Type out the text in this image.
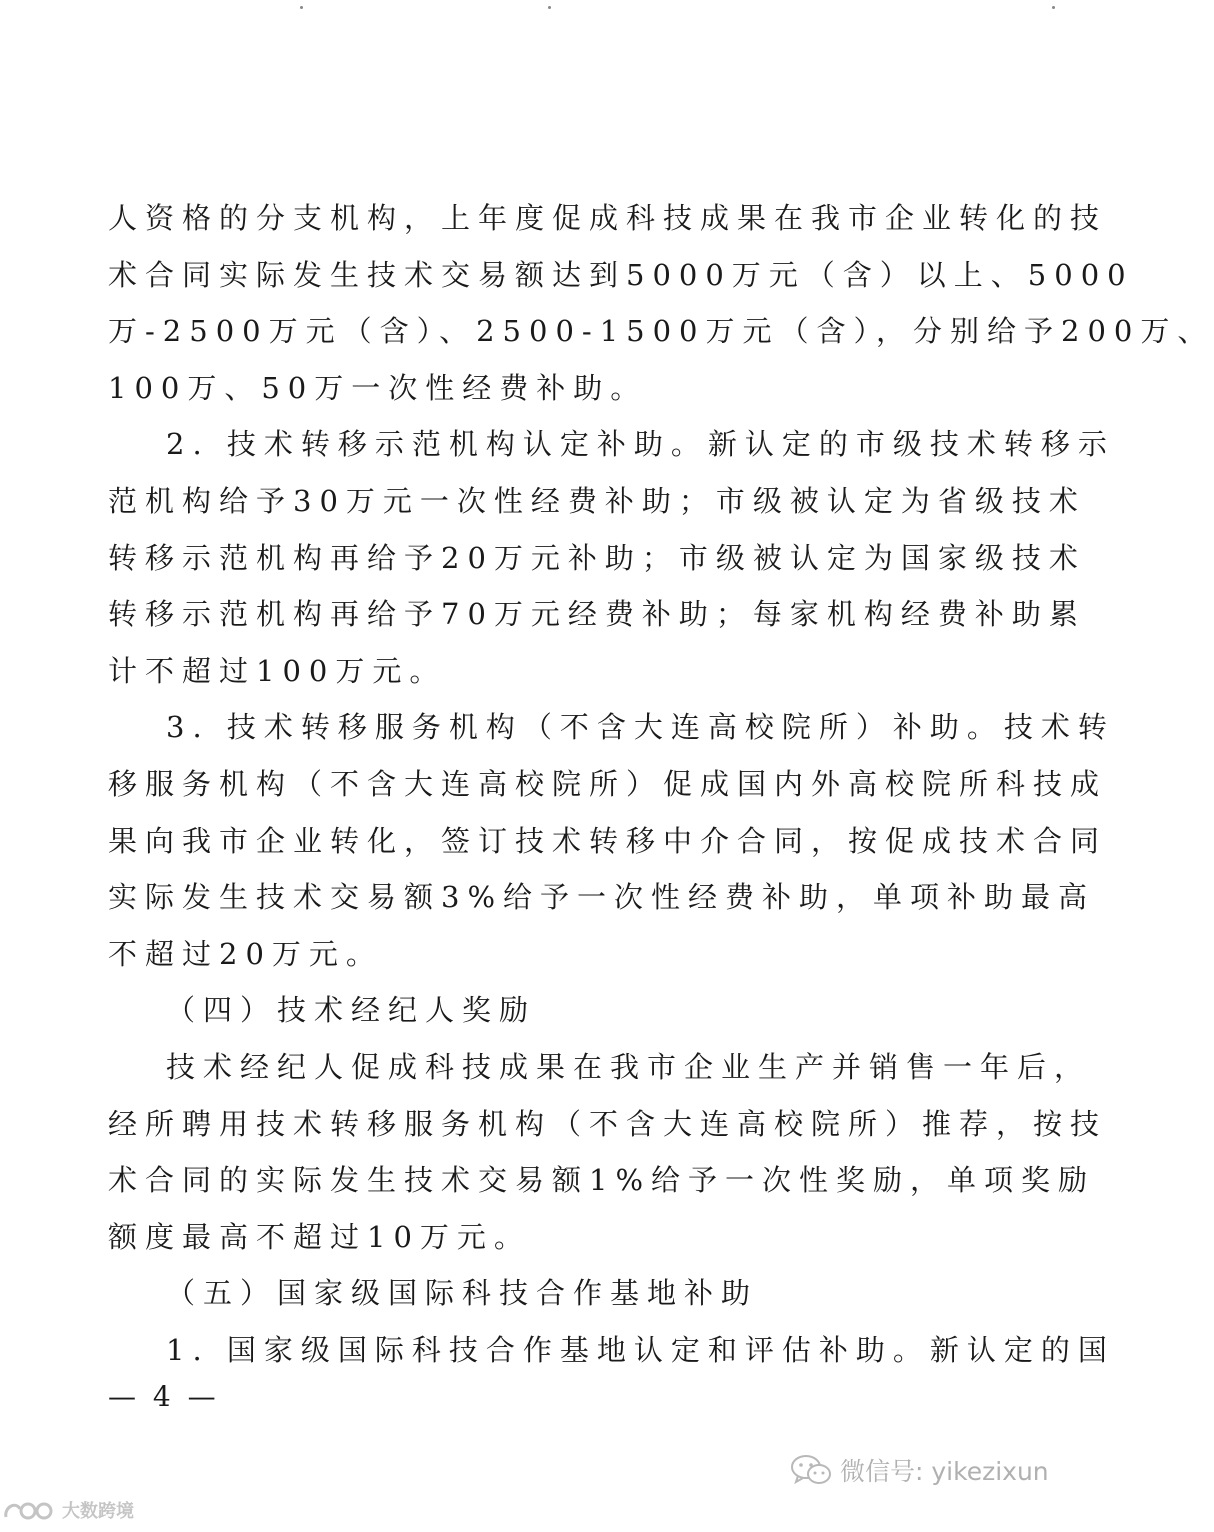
人资格的分支机构，上年度促成科技成果在我市企业转化的技
术合同实际发生技术交易额达到5000万元（含）以上、5000
万-2500万元（含）、2500-1500万元（含），分别给予200万、
100万、50万一次性经费补助。
2. 技术转移示范机构认定补助。新认定的市级技术转移示
范机构给予30万元一次性经费补助；市级被认定为省级技术
转移示范机构再给予20万元补助；市级被认定为国家级技术
转移示范机构再给予70万元经费补助；每家机构经费补助累
计不超过100万元。
3. 技术转移服务机构（不含大连高校院所）补助。技术转
移服务机构（不含大连高校院所）促成国内外高校院所科技成
果向我市企业转化，签订技术转移中介合同，按促成技术合同
实际发生技术交易额3%给予一次性经费补助，单项补助最高
不超过20万元。
（四）技术经纪人奖励
技术经纪人促成科技成果在我市企业生产并销售一年后，
经所聘用技术转移服务机构（不含大连高校院所）推荐，按技
术合同的实际发生技术交易额1%给予一次性奖励，单项奖励
额度最高不超过10万元。
（五）国家级国际科技合作基地补助
1. 国家级国际科技合作基地认定和评估补助。新认定的国
— 4 —
微信号: yikezixun
大数跨境
